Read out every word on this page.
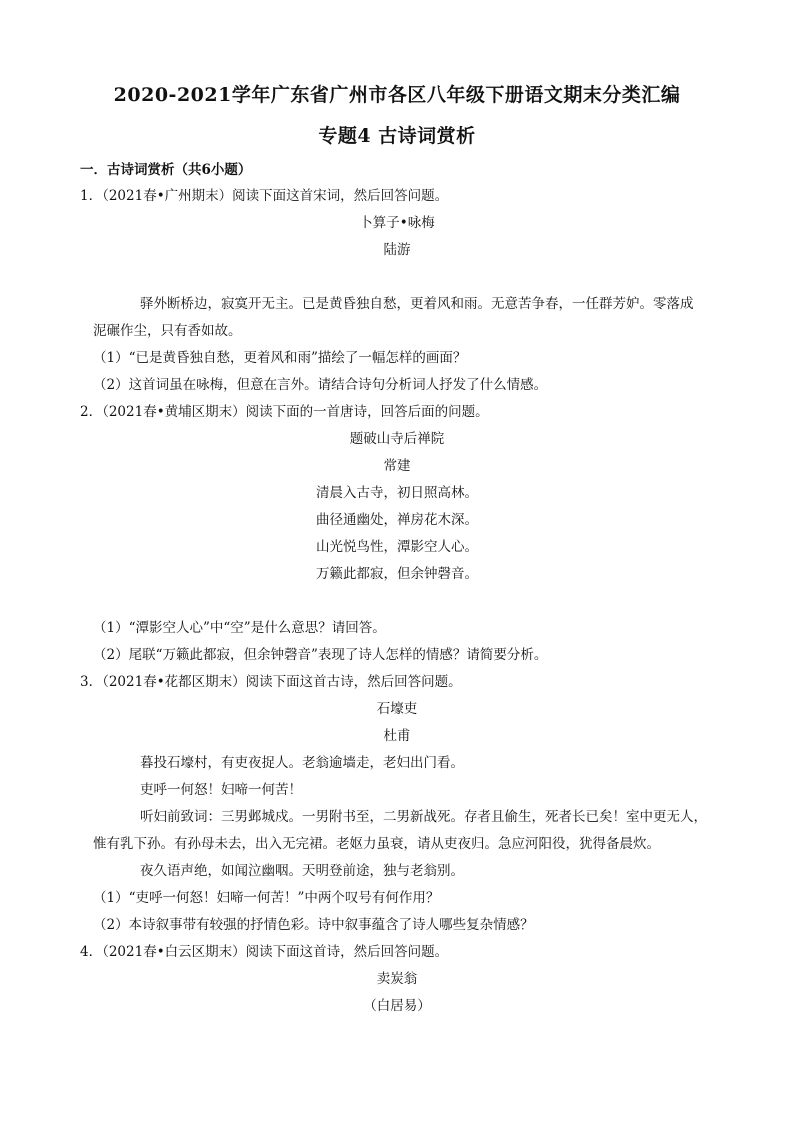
2020-2021学年广东省广州市各区八年级下册语文期末分类汇编
专题4 古诗词赏析
一．古诗词赏析（共6小题）
1．（2021春•广州期末）阅读下面这首宋词，然后回答问题。
卜算子•咏梅
陆游
驿外断桥边，寂寞开无主。已是黄昏独自愁，更着风和雨。无意苦争春，一任群芳妒。零落成
泥碾作尘，只有香如故。
（1）“已是黄昏独自愁，更着风和雨”描绘了一幅怎样的画面？
（2）这首词虽在咏梅，但意在言外。请结合诗句分析词人抒发了什么情感。
2．（2021春•黄埔区期末）阅读下面的一首唐诗，回答后面的问题。
题破山寺后禅院
常建
清晨入古寺，初日照高林。
曲径通幽处，禅房花木深。
山光悦鸟性，潭影空人心。
万籁此都寂，但余钟磬音。
（1）“潭影空人心”中“空”是什么意思？请回答。
（2）尾联“万籁此都寂，但余钟磬音”表现了诗人怎样的情感？请简要分析。
3．（2021春•花都区期末）阅读下面这首古诗，然后回答问题。
石壕吏
杜甫
暮投石壕村，有吏夜捉人。老翁逾墙走，老妇出门看。
吏呼一何怒！妇啼一何苦！
听妇前致词：三男邺城戍。一男附书至，二男新战死。存者且偷生，死者长已矣！室中更无人，
惟有乳下孙。有孙母未去，出入无完裙。老妪力虽衰，请从吏夜归。急应河阳役，犹得备晨炊。
夜久语声绝，如闻泣幽咽。天明登前途，独与老翁别。
（1）“吏呼一何怒！妇啼一何苦！”中两个叹号有何作用？
（2）本诗叙事带有较强的抒情色彩。诗中叙事蕴含了诗人哪些复杂情感？
4．（2021春•白云区期末）阅读下面这首诗，然后回答问题。
卖炭翁
（白居易）
